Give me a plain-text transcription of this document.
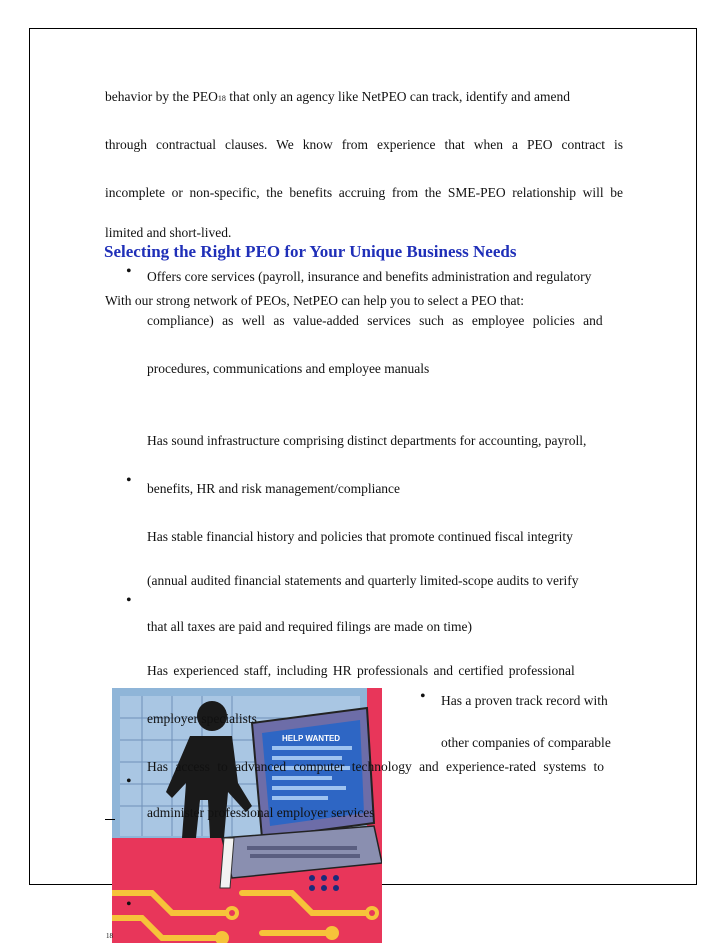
behavior by the PEO18 that only an agency like NetPEO can track, identify and amend
through contractual clauses. We know from experience that when a PEO contract is
incomplete or non-specific, the benefits accruing from the SME-PEO relationship will be
limited and short-lived.
Selecting the Right PEO for Your Unique Business Needs
• Offers core services (payroll, insurance and benefits administration and regulatory
With our strong network of PEOs, NetPEO can help you to select a PEO that:
compliance) as well as value-added services such as employee policies and
procedures, communications and employee manuals
Has sound infrastructure comprising distinct departments for accounting, payroll,
• benefits, HR and risk management/compliance
Has stable financial history and policies that promote continued fiscal integrity
(annual audited financial statements and quarterly limited-scope audits to verify
•
that all taxes are paid and required filings are made on time)
Has experienced staff, including HR professionals and certified professional
HELP WANTED
employer specialists
• Has a proven track record with
other companies of comparable
Has access to advanced computer technology and experience-rated systems to
•
administer professional employer services
•
18
